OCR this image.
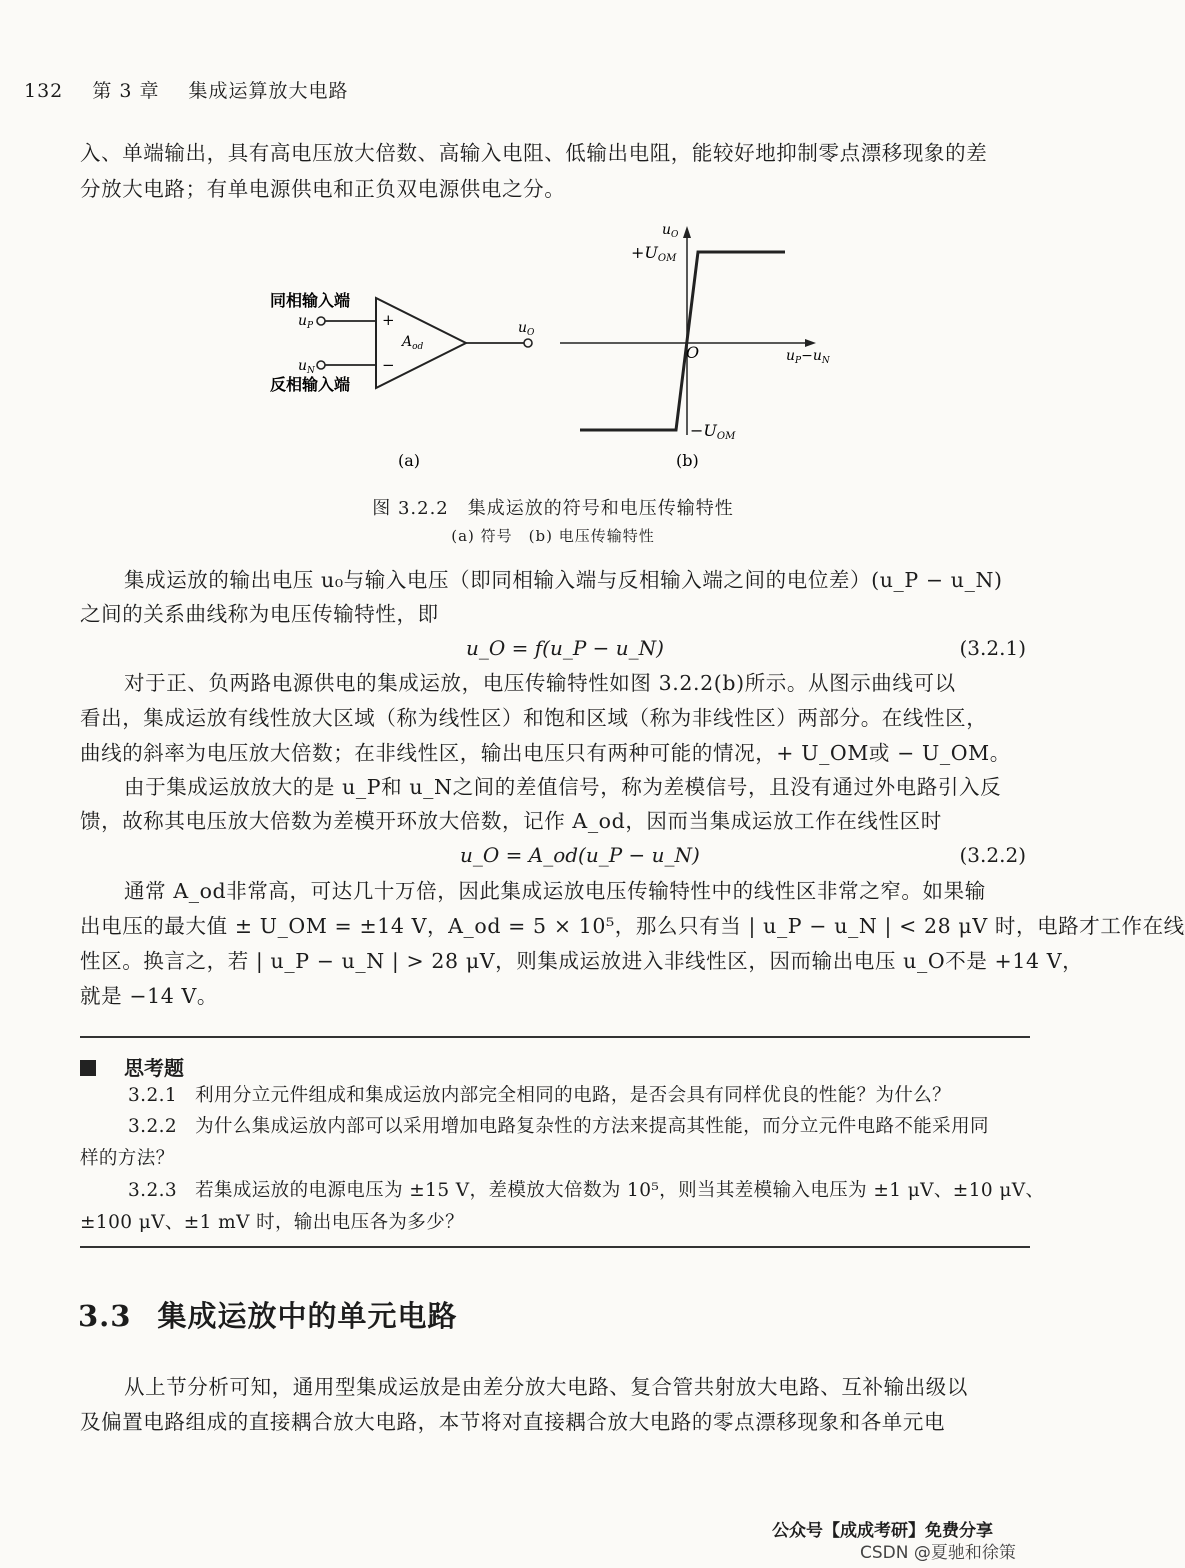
132 第 3 章 集成运算放大电路
入、单端输出，具有高电压放大倍数、高输入电阻、低输出电阻，能较好地抑制零点漂移现象的差
分放大电路；有单电源供电和正负双电源供电之分。
同相输入端
反相输入端
$u_P$
$u_N$
+
−
$A_{od}$
$u_O$
(a)
$u_O$
+UOM
−UOM
O	$u_P-u_N$
(b)
图 3.2.2　集成运放的符号和电压传输特性
(a) 符号　(b) 电压传输特性
集成运放的输出电压 u₀与输入电压（即同相输入端与反相输入端之间的电位差）(u_P − u_N)
之间的关系曲线称为电压传输特性，即
u_O = f(u_P − u_N)	(3.2.1)
对于正、负两路电源供电的集成运放，电压传输特性如图 3.2.2(b)所示。从图示曲线可以
看出，集成运放有线性放大区域（称为线性区）和饱和区域（称为非线性区）两部分。在线性区，
曲线的斜率为电压放大倍数；在非线性区，输出电压只有两种可能的情况，+ U_OM或 − U_OM。
由于集成运放放大的是 u_P和 u_N之间的差值信号，称为差模信号，且没有通过外电路引入反
馈，故称其电压放大倍数为差模开环放大倍数，记作 A_od，因而当集成运放工作在线性区时
u_O = A_od(u_P − u_N)	(3.2.2)
通常 A_od非常高，可达几十万倍，因此集成运放电压传输特性中的线性区非常之窄。如果输
出电压的最大值 ± U_OM = ±14 V，A_od = 5 × 10⁵，那么只有当 | u_P − u_N | < 28 μV 时，电路才工作在线
性区。换言之，若 | u_P − u_N | > 28 μV，则集成运放进入非线性区，因而输出电压 u_O不是 +14 V，
就是 −14 V。
思考题
3.2.1 利用分立元件组成和集成运放内部完全相同的电路，是否会具有同样优良的性能？为什么？
3.2.2 为什么集成运放内部可以采用增加电路复杂性的方法来提高其性能，而分立元件电路不能采用同
样的方法？
3.2.3 若集成运放的电源电压为 ±15 V，差模放大倍数为 10⁵，则当其差模输入电压为 ±1 μV、±10 μV、
±100 μV、±1 mV 时，输出电压各为多少？
3.3 集成运放中的单元电路
从上节分析可知，通用型集成运放是由差分放大电路、复合管共射放大电路、互补输出级以
及偏置电路组成的直接耦合放大电路，本节将对直接耦合放大电路的零点漂移现象和各单元电
公众号【成成考研】免费分享
CSDN @夏驰和徐策
